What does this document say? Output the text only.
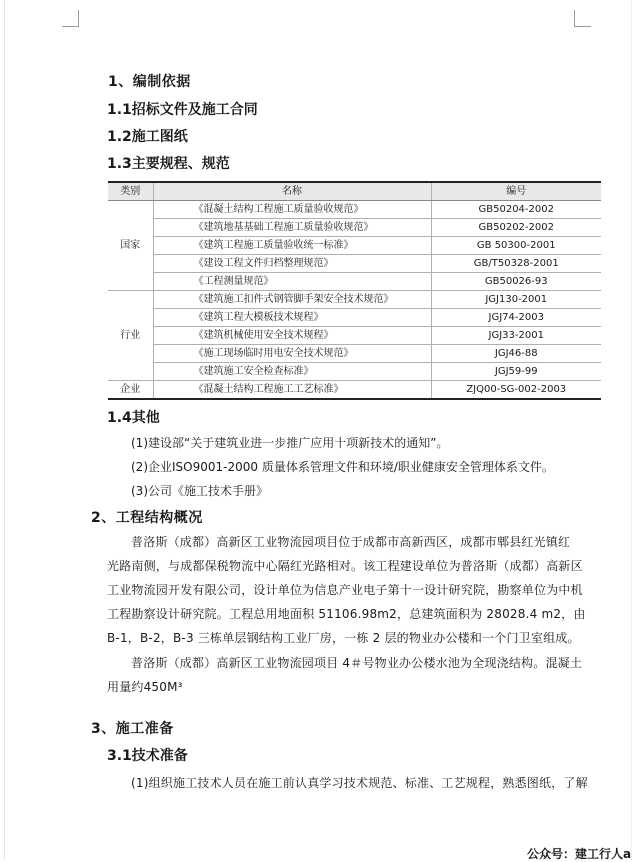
1、编制依据
1.1招标文件及施工合同
1.2施工图纸
1.3主要规程、规范
类别	名称	编号
国家	《混凝土结构工程施工质量验收规范》	GB50204-2002
	《建筑地基基础工程施工质量验收规范》	GB50202-2002
	《建筑工程施工质量验收统一标准》	GB 50300-2001
	《建设工程文件归档整理规范》	GB/T50328-2001
	《工程测量规范》	GB50026-93
行业	《建筑施工扣件式钢管脚手架安全技术规范》	JGJ130-2001
	《建筑工程大模板技术规程》	JGJ74-2003
	《建筑机械使用安全技术规程》	JGJ33-2001
	《施工现场临时用电安全技术规范》	JGJ46-88
	《建筑施工安全检查标准》	JGJ59-99
企业	《混凝土结构工程施工工艺标准》	ZJQ00-SG-002-2003
1.4其他
(1)建设部“关于建筑业进一步推广应用十项新技术的通知”。
(2)企业ISO9001-2000 质量体系管理文件和环境/职业健康安全管理体系文件。
(3)公司《施工技术手册》
2、工程结构概况
普洛斯（成都）高新区工业物流园项目位于成都市高新西区，成都市郫县红光镇红
光路南侧，与成都保税物流中心隔红光路相对。该工程建设单位为普洛斯（成都）高新区
工业物流园开发有限公司，设计单位为信息产业电子第十一设计研究院，勘察单位为中机
工程勘察设计研究院。工程总用地面积 51106.98m2，总建筑面积为 28028.4 m2，由
B-1，B-2，B-3 三栋单层钢结构工业厂房，一栋 2 层的物业办公楼和一个门卫室组成。
普洛斯（成都）高新区工业物流园项目 4＃号物业办公楼水池为全现浇结构。混凝土
用量约450M³
3、施工准备
3.1技术准备
(1)组织施工技术人员在施工前认真学习技术规范、标准、工艺规程，熟悉图纸，了解
公众号：建工行人a
